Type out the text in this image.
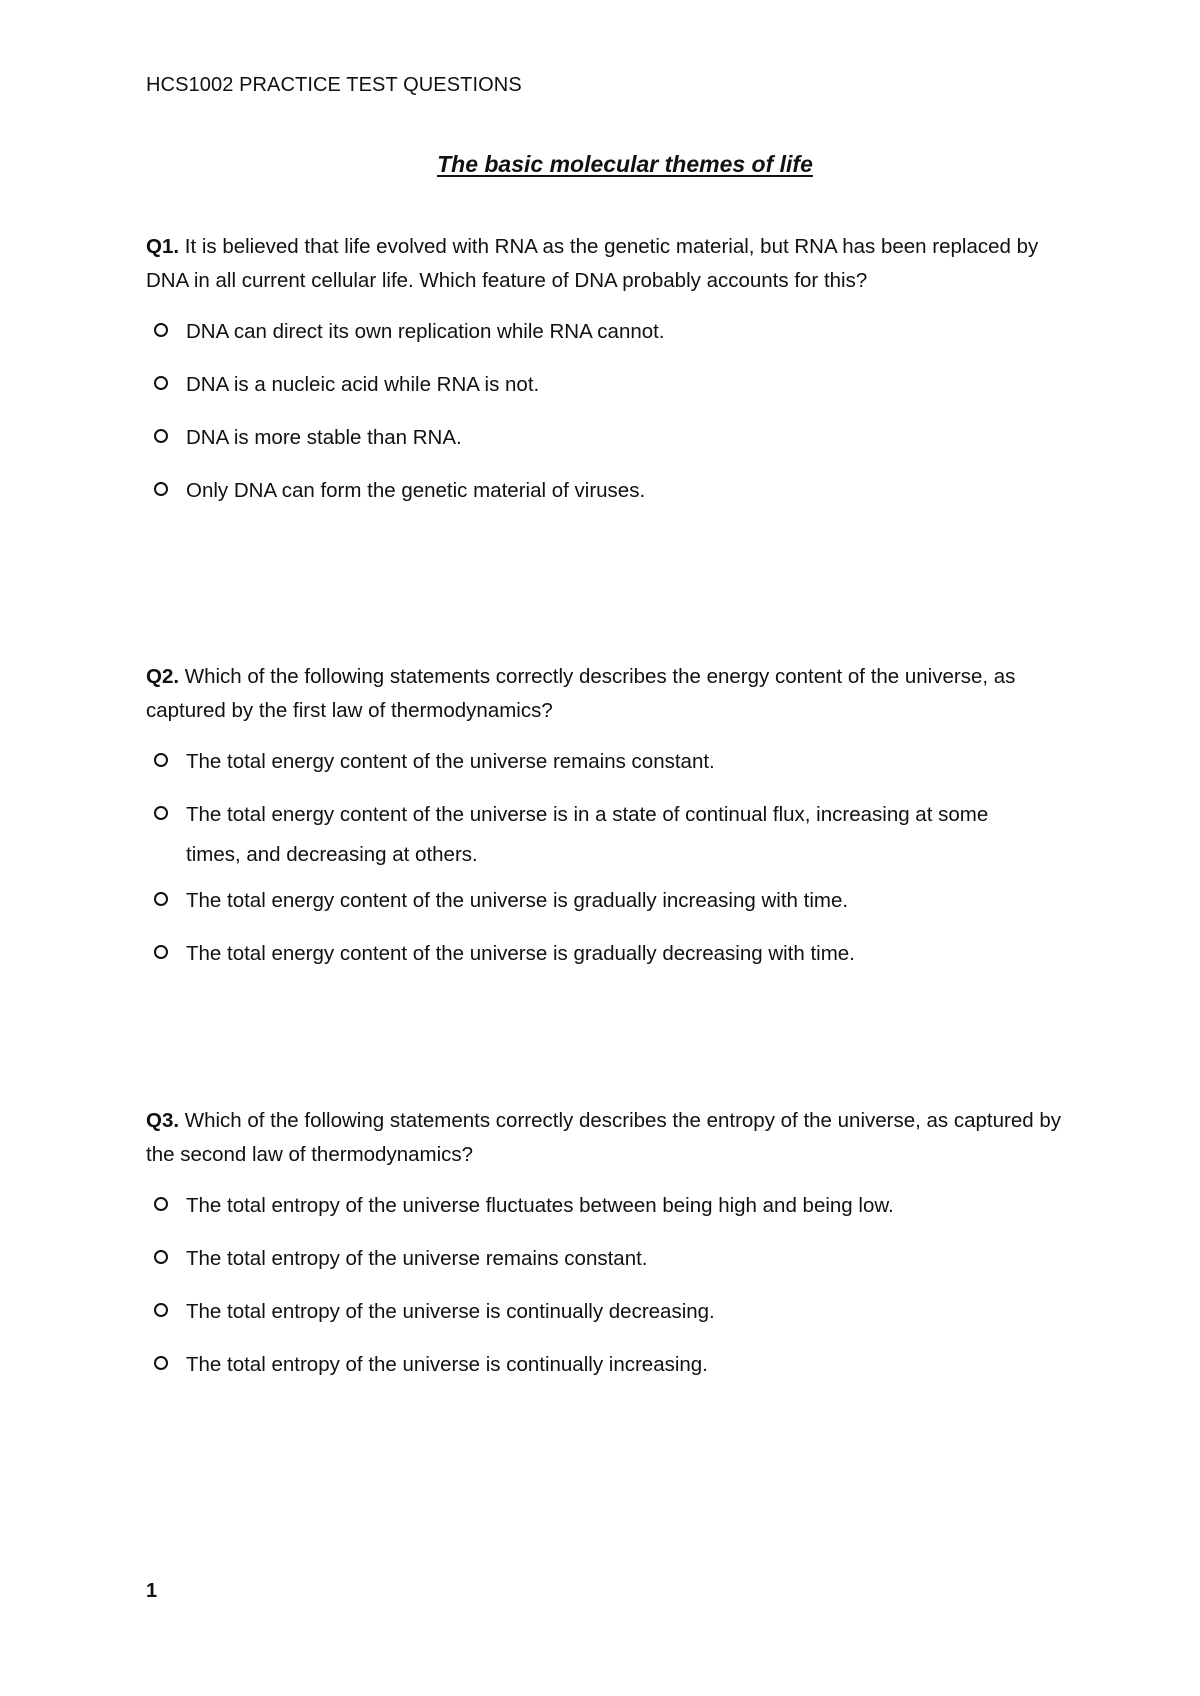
HCS1002 PRACTICE TEST QUESTIONS
The basic molecular themes of life

Q1. It is believed that life evolved with RNA as the genetic material, but RNA has been replaced by DNA in all current cellular life. Which feature of DNA probably accounts for this?

DNA can direct its own replication while RNA cannot.
DNA is a nucleic acid while RNA is not.
DNA is more stable than RNA.
Only DNA can form the genetic material of viruses.

Q2. Which of the following statements correctly describes the energy content of the universe, as captured by the first law of thermodynamics?

The total energy content of the universe remains constant.
The total energy content of the universe is in a state of continual flux, increasing at some times, and decreasing at others.
The total energy content of the universe is gradually increasing with time.
The total energy content of the universe is gradually decreasing with time.

Q3. Which of the following statements correctly describes the entropy of the universe, as captured by the second law of thermodynamics?

The total entropy of the universe fluctuates between being high and being low.
The total entropy of the universe remains constant.
The total entropy of the universe is continually decreasing.
The total entropy of the universe is continually increasing.
1
